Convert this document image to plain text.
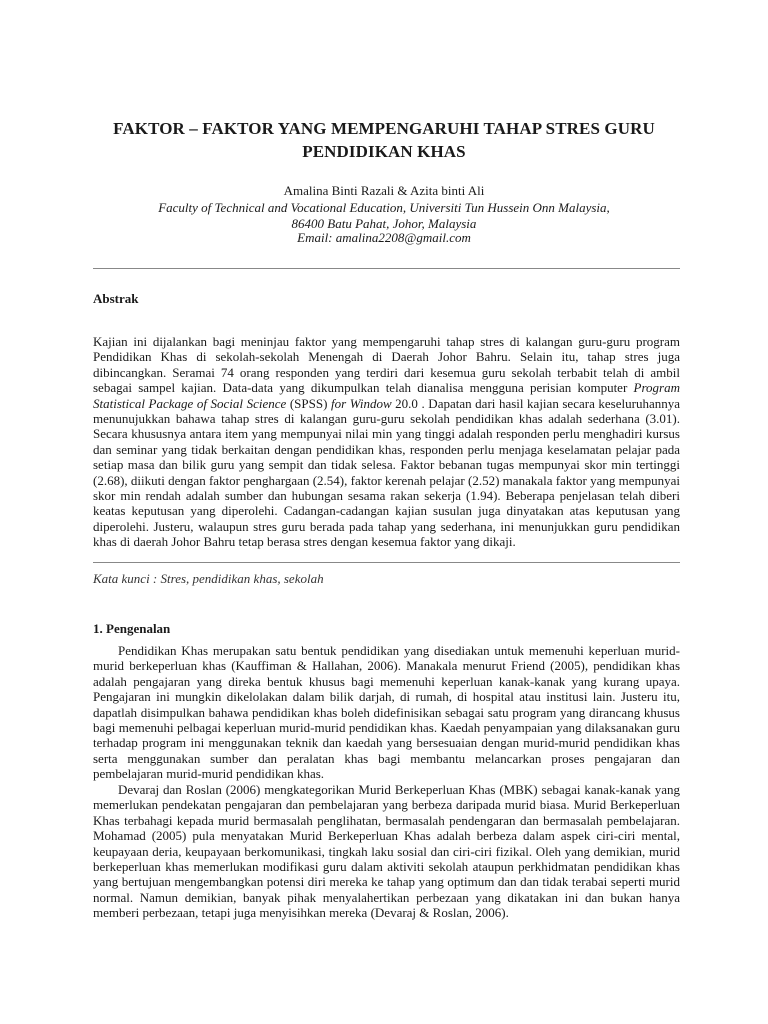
FAKTOR – FAKTOR YANG MEMPENGARUHI TAHAP STRES GURU
PENDIDIKAN KHAS
Amalina Binti Razali & Azita binti Ali
Faculty of Technical and Vocational Education, Universiti Tun Hussein Onn Malaysia,
86400 Batu Pahat, Johor, Malaysia
Email: amalina2208@gmail.com
Abstrak

Kajian ini dijalankan bagi meninjau faktor yang mempengaruhi tahap stres di kalangan guru-guru program Pendidikan Khas di sekolah-sekolah Menengah di Daerah Johor Bahru. Selain itu, tahap stres juga dibincangkan. Seramai 74 orang responden yang terdiri dari kesemua guru sekolah terbabit telah di ambil sebagai sampel kajian. Data-data yang dikumpulkan telah dianalisa mengguna perisian komputer Program Statistical Package of Social Science (SPSS) for Window 20.0 . Dapatan dari hasil kajian secara keseluruhannya menunujukkan bahawa tahap stres di kalangan guru-guru sekolah pendidikan khas adalah sederhana (3.01). Secara khususnya antara item yang mempunyai nilai min yang tinggi adalah responden perlu menghadiri kursus dan seminar yang tidak berkaitan dengan pendidikan khas, responden perlu menjaga keselamatan pelajar pada setiap masa dan bilik guru yang sempit dan tidak selesa. Faktor bebanan tugas mempunyai skor min tertinggi (2.68), diikuti dengan faktor penghargaan (2.54), faktor kerenah pelajar (2.52) manakala faktor yang mempunyai skor min rendah adalah sumber dan hubungan sesama rakan sekerja (1.94). Beberapa penjelasan telah diberi keatas keputusan yang diperolehi. Cadangan-cadangan kajian susulan juga dinyatakan atas keputusan yang diperolehi. Justeru, walaupun stres guru berada pada tahap yang sederhana, ini menunjukkan guru pendidikan khas di daerah Johor Bahru tetap berasa stres dengan kesemua faktor yang dikaji.

Kata kunci : Stres, pendidikan khas, sekolah
1. Pengenalan

Pendidikan Khas merupakan satu bentuk pendidikan yang disediakan untuk memenuhi keperluan murid-murid berkeperluan khas (Kauffiman & Hallahan, 2006). Manakala menurut Friend (2005), pendidikan khas adalah pengajaran yang direka bentuk khusus bagi memenuhi keperluan kanak-kanak yang kurang upaya. Pengajaran ini mungkin dikelolakan dalam bilik darjah, di rumah, di hospital atau institusi lain. Justeru itu, dapatlah disimpulkan bahawa pendidikan khas boleh didefinisikan sebagai satu program yang dirancang khusus bagi memenuhi pelbagai keperluan murid-murid pendidikan khas. Kaedah penyampaian yang dilaksanakan guru terhadap program ini menggunakan teknik dan kaedah yang bersesuaian dengan murid-murid pendidikan khas serta menggunakan sumber dan peralatan khas bagi membantu melancarkan proses pengajaran dan pembelajaran murid-murid pendidikan khas.

Devaraj dan Roslan (2006) mengkategorikan Murid Berkeperluan Khas (MBK) sebagai kanak-kanak yang memerlukan pendekatan pengajaran dan pembelajaran yang berbeza daripada murid biasa. Murid Berkeperluan Khas terbahagi kepada murid bermasalah penglihatan, bermasalah pendengaran dan bermasalah pembelajaran. Mohamad (2005) pula menyatakan Murid Berkeperluan Khas adalah berbeza dalam aspek ciri-ciri mental, keupayaan deria, keupayaan berkomunikasi, tingkah laku sosial dan ciri-ciri fizikal. Oleh yang demikian, murid berkeperluan khas memerlukan modifikasi guru dalam aktiviti sekolah ataupun perkhidmatan pendidikan khas yang bertujuan mengembangkan potensi diri mereka ke tahap yang optimum dan dan tidak terabai seperti murid normal. Namun demikian, banyak pihak menyalahertikan perbezaan yang dikatakan ini dan bukan hanya memberi perbezaan, tetapi juga menyisihkan mereka (Devaraj & Roslan, 2006).
